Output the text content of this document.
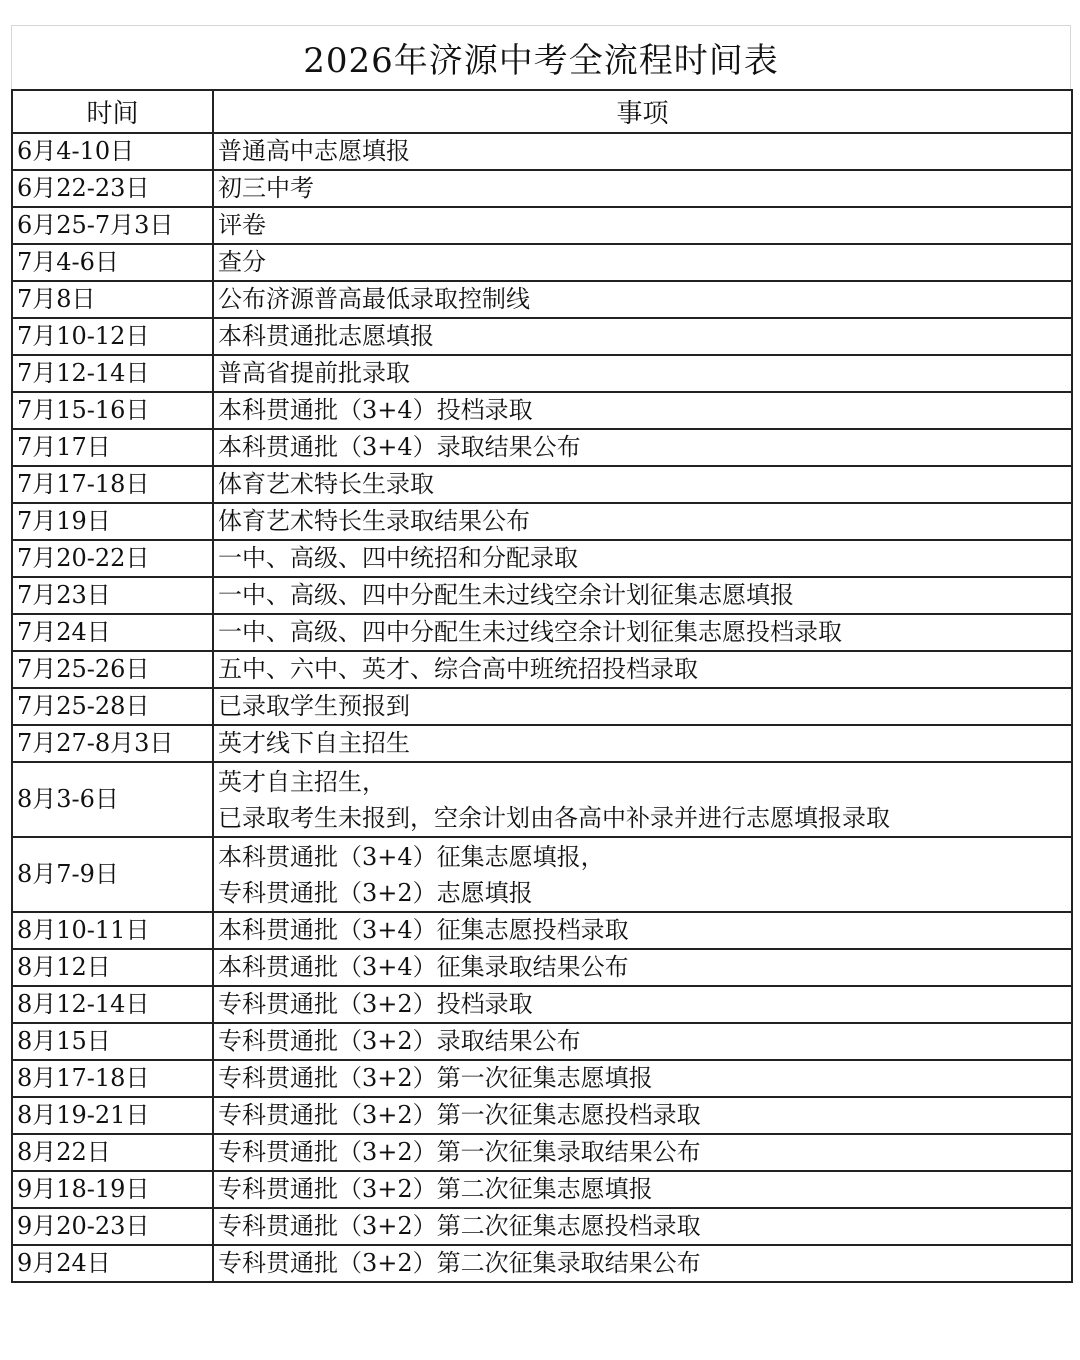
2026年济源中考全流程时间表
时间	事项
6月4-10日	普通高中志愿填报
6月22-23日	初三中考
6月25-7月3日	评卷
7月4-6日	查分
7月8日	公布济源普高最低录取控制线
7月10-12日	本科贯通批志愿填报
7月12-14日	普高省提前批录取
7月15-16日	本科贯通批（3+4）投档录取
7月17日	本科贯通批（3+4）录取结果公布
7月17-18日	体育艺术特长生录取
7月19日	体育艺术特长生录取结果公布
7月20-22日	一中、高级、四中统招和分配录取
7月23日	一中、高级、四中分配生未过线空余计划征集志愿填报
7月24日	一中、高级、四中分配生未过线空余计划征集志愿投档录取
7月25-26日	五中、六中、英才、综合高中班统招投档录取
7月25-28日	已录取学生预报到
7月27-8月3日	英才线下自主招生
8月3-6日	英才自主招生，
已录取考生未报到，空余计划由各高中补录并进行志愿填报录取

8月7-9日	本科贯通批（3+4）征集志愿填报，
专科贯通批（3+2）志愿填报

8月10-11日	本科贯通批（3+4）征集志愿投档录取
8月12日	本科贯通批（3+4）征集录取结果公布
8月12-14日	专科贯通批（3+2）投档录取
8月15日	专科贯通批（3+2）录取结果公布
8月17-18日	专科贯通批（3+2）第一次征集志愿填报
8月19-21日	专科贯通批（3+2）第一次征集志愿投档录取
8月22日	专科贯通批（3+2）第一次征集录取结果公布
9月18-19日	专科贯通批（3+2）第二次征集志愿填报
9月20-23日	专科贯通批（3+2）第二次征集志愿投档录取
9月24日	专科贯通批（3+2）第二次征集录取结果公布
